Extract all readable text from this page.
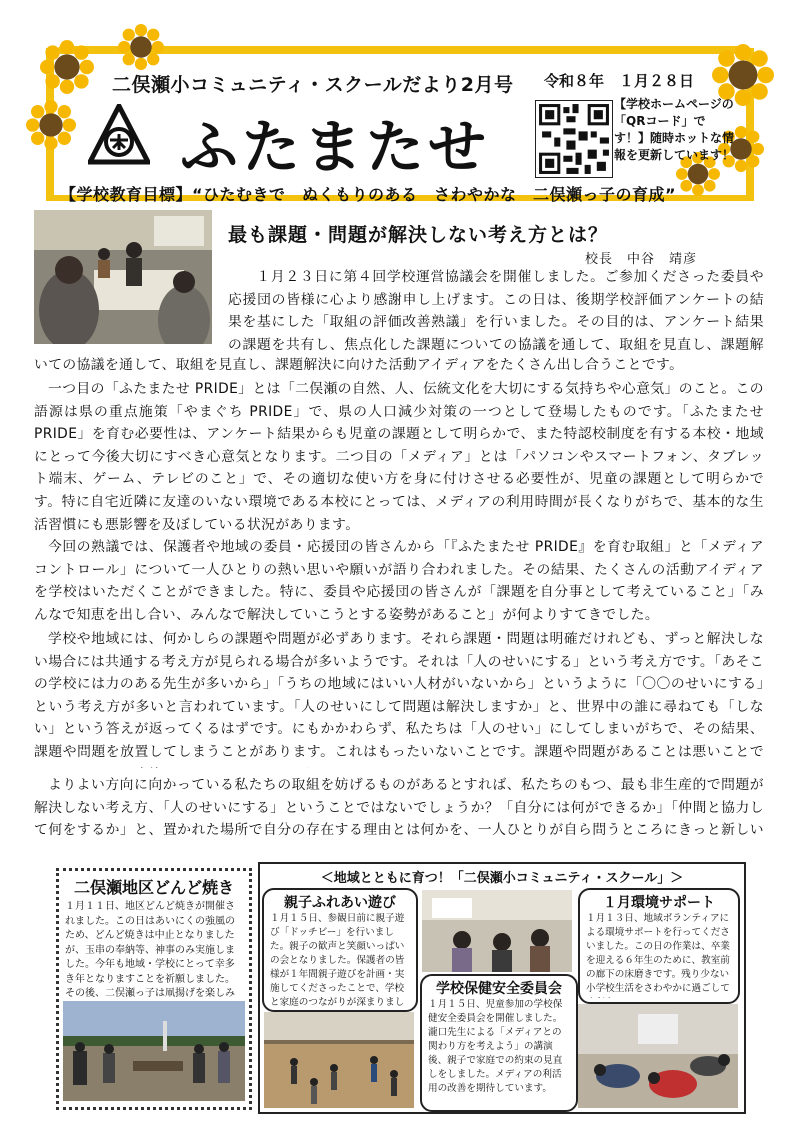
二俣瀬小コミュニティ・スクールだより2月号 令和８年　１月２８日
ふたまたせ
【学校ホームページの「QRコード」です！】随時ホットな情報を更新しています！
【学校教育目標】“ひたむきで　ぬくもりのある　さわやかな　二俣瀬っ子の育成”
最も課題・問題が解決しない考え方とは？
校長　中谷　靖彦
１月２３日に第４回学校運営協議会を開催しました。ご参加くださった委員や応援団の皆様に心より感謝申し上げます。この日は、後期学校評価アンケートの結果を基にした「取組の評価改善熟議」を行いました。その目的は、アンケート結果の課題を共有し、焦点化した課題についての協議を通して、取組を見直し、課題解
いての協議を通して、取組を見直し、課題解決に向けた活動アイディアをたくさん出し合うことです。
一つ目の「ふたまたせ PRIDE」とは「二俣瀬の自然、人、伝統文化を大切にする気持ちや心意気」のこと。この語源は県の重点施策「やまぐち PRIDE」で、県の人口減少対策の一つとして登場したものです。「ふたまたせ PRIDE」を育む必要性は、アンケート結果からも児童の課題として明らかで、また特認校制度を有する本校・地域にとって今後大切にすべき心意気となります。二つ目の「メディア」とは「パソコンやスマートフォン、タブレット端末、ゲーム、テレビのこと」で、その適切な使い方を身に付けさせる必要性が、児童の課題として明らかです。特に自宅近隣に友達のいない環境である本校にとっては、メディアの利用時間が長くなりがちで、基本的な生活習慣にも悪影響を及ぼしている状況があります。
今回の熟議では、保護者や地域の委員・応援団の皆さんから「『ふたまたせ PRIDE』を育む取組」と「メディアコントロール」について一人ひとりの熱い思いや願いが語り合われました。その結果、たくさんの活動アイディアを学校はいただくことができました。特に、委員や応援団の皆さんが「課題を自分事として考えていること」「みんなで知恵を出し合い、みんなで解決していこうとする姿勢があること」が何よりすてきでした。
学校や地域には、何かしらの課題や問題が必ずあります。それら課題・問題は明確だけれども、ずっと解決しない場合には共通する考え方が見られる場合が多いようです。それは「人のせいにする」という考え方です。「あそこの学校には力のある先生が多いから」「うちの地域にはいい人材がいないから」というように「〇〇のせいにする」という考え方が多いと言われています。「人のせいにして問題は解決しますか」と、世界中の誰に尋ねても「しない」という答えが返ってくるはずです。にもかかわらず、私たちは「人のせい」にしてしまいがちで、その結果、課題や問題を放置してしまうことがあります。これはもったいないことです。課題や問題があることは悪いことで
よりよい方向に向かっている私たちの取組を妨げるものがあるとすれば、私たちのもつ、最も非生産的で問題が解決しない考え方、「人のせいにする」ということではないでしょうか？「自分には何ができるか」「仲間と協力して何をするか」と、置かれた場所で自分の存在する理由とは何かを、一人ひとりが自ら問うところにきっと新しい
二俣瀬地区どんど焼き
１月１１日、地区どんど焼きが開催されました。この日はあいにくの強風のため、どんど焼きは中止となりましたが、玉串の奉納等、神事のみ実施しました。今年も地域・学校にとって幸多き年となりますことを祈願しました。その後、二俣瀬っ子は凧揚げを楽しみ
＜地域とともに育つ！「二俣瀬小コミュニティ・スクール」＞
親子ふれあい遊び
１月１５日、参観日前に親子遊び「ドッチビー」を行いました。親子の歓声と笑顔いっぱいの会となりました。保護者の皆様が１年間親子遊びを計画・実施してくださったことで、学校と家庭のつながりが深まりまし
学校保健安全委員会
１月１５日、児童参加の学校保健安全委員会を開催しました。瀧口先生による「メディアとの関わり方を考えよう」の講演後、親子で家庭での約束の見直しをしました。メディアの利活用の改善を期待しています。
１月環境サポート
１月１３日、地域ボランティアによる環境サポートを行ってくださいました。この日の作業は、卒業を迎える６年生のために、教室前の廊下の床磨きです。残り少ない小学校生活をさわやかに過ごして
